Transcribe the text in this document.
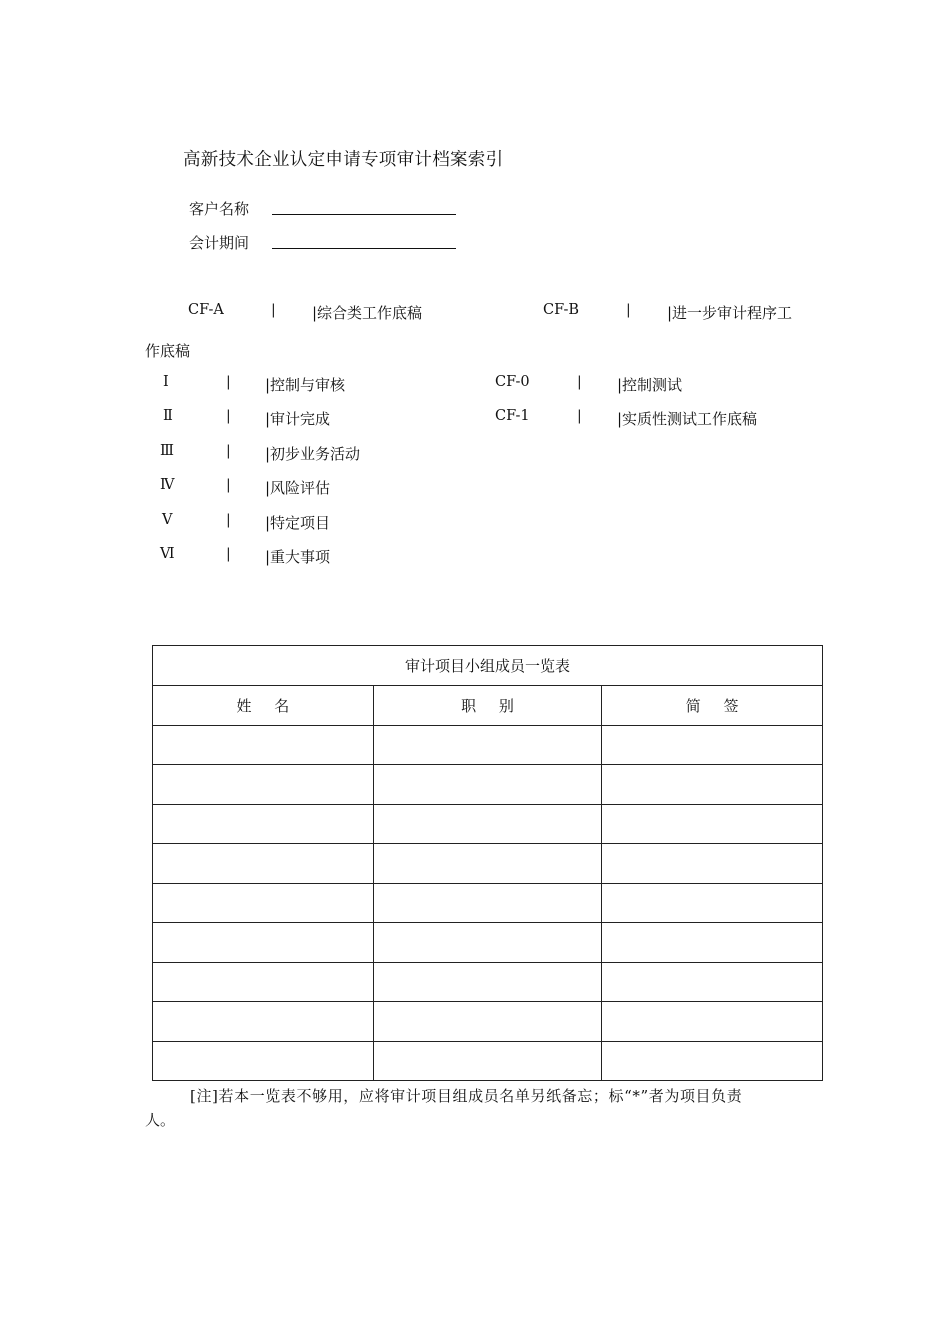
高新技术企业认定申请专项审计档案索引
客户名称
会计期间
CF-A	| |综合类工作底稿	CF-B	| |进一步审计程序工
作底稿
Ⅰ	| |控制与审核
Ⅱ	| |审计完成
Ⅲ	| |初步业务活动
Ⅳ	| |风险评估
Ⅴ	| |特定项目
Ⅵ	| |重大事项
CF-0	| |控制测试
CF-1	| |实质性测试工作底稿
审计项目小组成员一览表		
姓 名	职 别	简 签

[注]若本一览表不够用，应将审计项目组成员名单另纸备忘；标“*”者为项目负责
人。
